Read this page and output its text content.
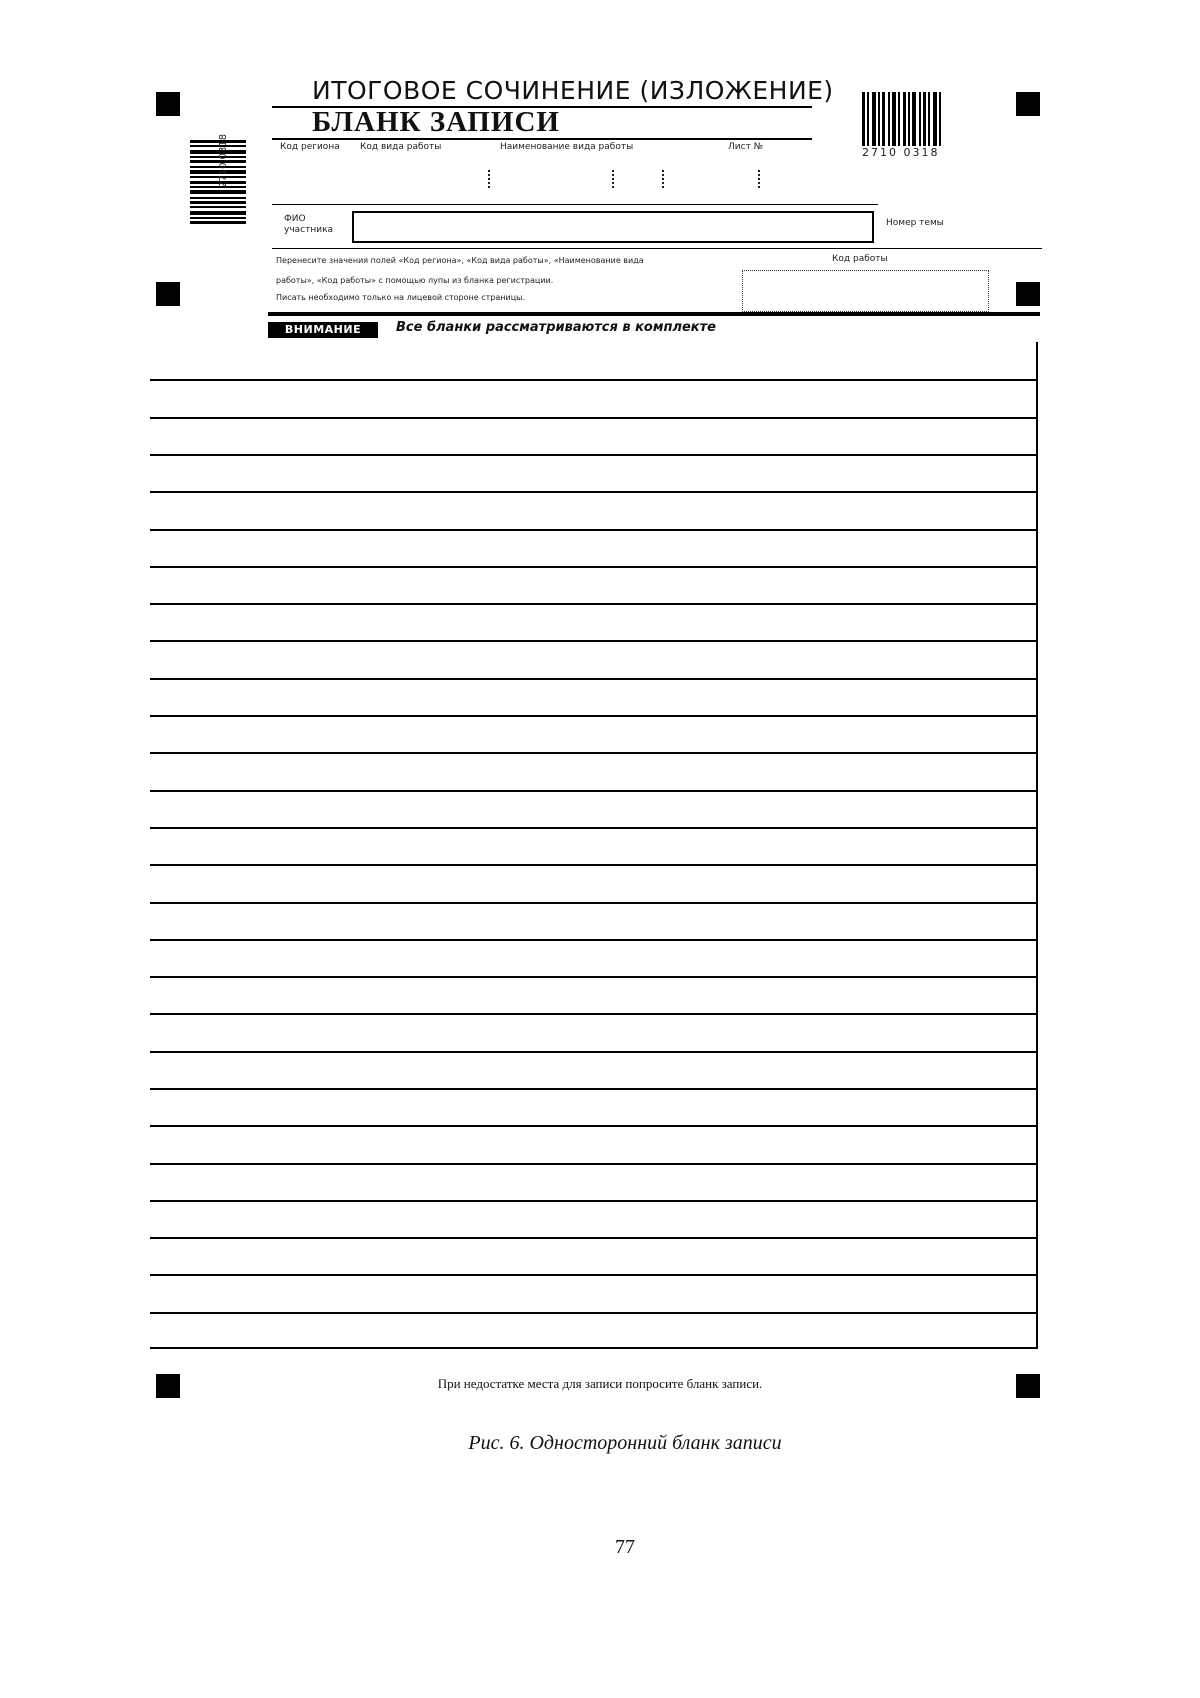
2710 0318
ИТОГОВОЕ СОЧИНЕНИЕ (ИЗЛОЖЕНИЕ)
БЛАНК ЗАПИСИ
2710 0318
Код региона Код вида работы	Наименование вида работы	Лист №
ФИО участника
Номер темы
Перенесите значения полей «Код региона», «Код вида работы», «Наименование вида
работы», «Код работы» с помощью лупы из бланка регистрации.
Писать необходимо только на лицевой стороне страницы.
Код работы
ВНИМАНИЕ	Все бланки рассматриваются в комплекте
При недостатке места для записи попросите бланк записи.
Рис. 6. Односторонний бланк записи
77
